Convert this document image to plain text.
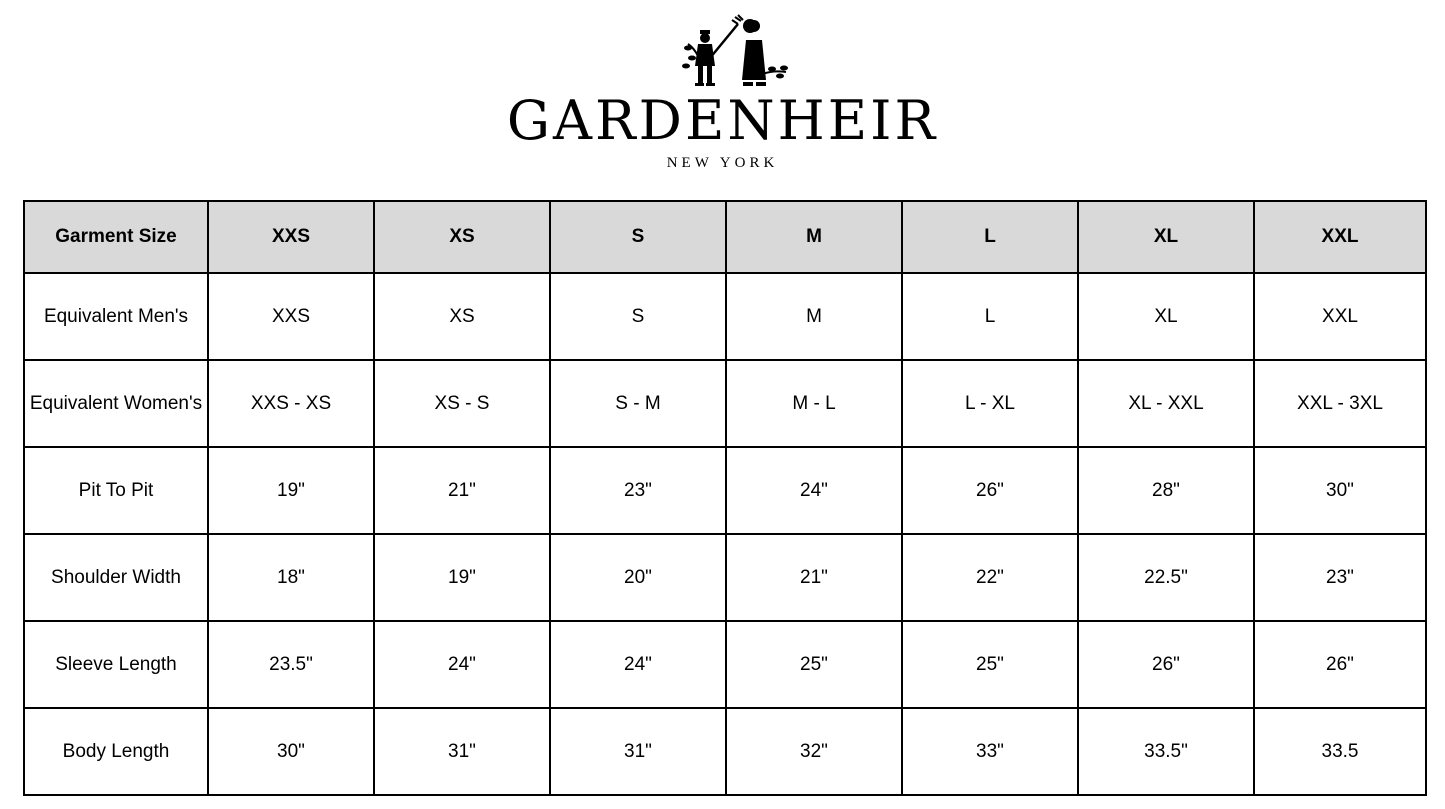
GARDENHEIR
NEW YORK
Garment Size	XXS	XS	S	M	L	XL	XXL
Equivalent Men's	XXS	XS	S	M	L	XL	XXL
Equivalent Women's	XXS - XS	XS - S	S - M	M - L	L - XL	XL - XXL	XXL - 3XL
Pit To Pit	19"	21"	23"	24"	26"	28"	30"
Shoulder Width	18"	19"	20"	21"	22"	22.5"	23"
Sleeve Length	23.5"	24"	24"	25"	25"	26"	26"
Body Length	30"	31"	31"	32"	33"	33.5"	33.5
